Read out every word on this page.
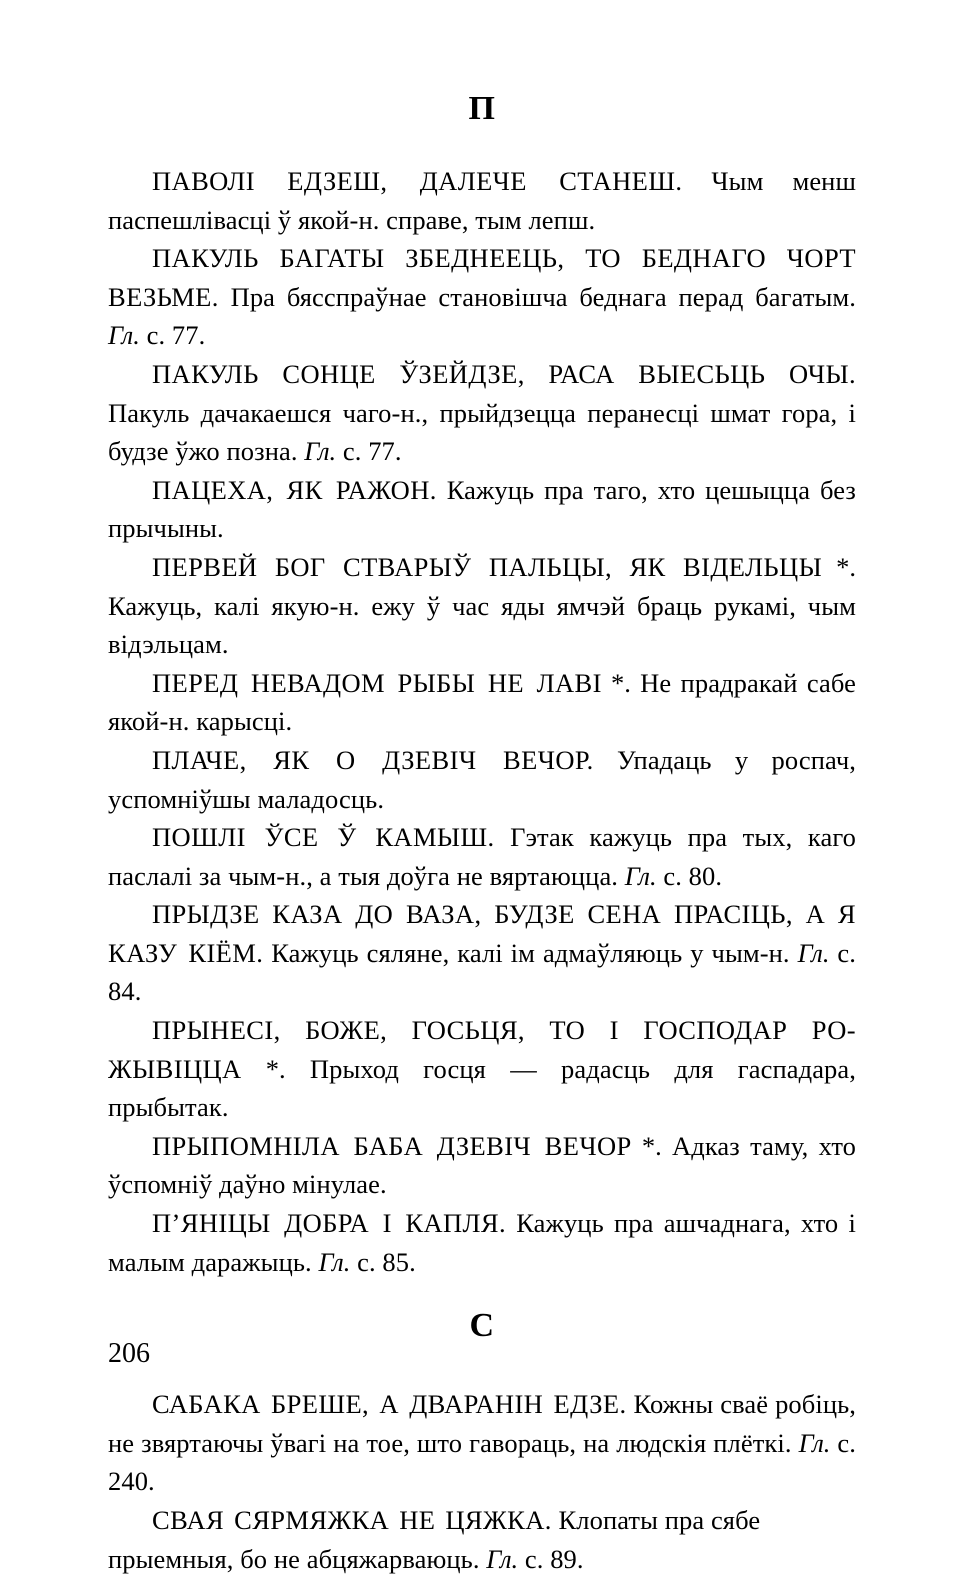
П

ПАВОЛІ ЕДЗЕШ, ДАЛЕЧЕ СТАНЕШ. Чым менш паспешлівасці ў якой-н. справе, тым лепш.

ПАКУЛЬ БАГАТЫ ЗБЕДНЕЕЦЬ, ТО БЕДНАГО ЧОРТ ВЕЗЬМЕ. Пра бясспраўнае становішча беднага перад багатым. Гл. с. 77.

ПАКУЛЬ СОНЦЕ ЎЗЕЙДЗЕ, РАСА ВЫЕСЬЦЬ ОЧЫ. Пакуль дачакаешся чаго-н., прыйдзецца перанесці шмат гора, і будзе ўжо позна. Гл. с. 77.

ПАЦЕХА, ЯК РАЖОН. Кажуць пра таго, хто цешыцца без прычыны.

ПЕРВЕЙ БОГ СТВАРЫЎ ПАЛЬЦЫ, ЯК ВІДЕЛЬЦЫ *. Кажуць, калі якую-н. ежу ў час яды ямчэй браць рукамі, чым відэльцам.

ПЕРЕД НЕВАДОМ РЫБЫ НЕ ЛАВІ *. Не прадракай сабе якой-н. карысці.

ПЛАЧЕ, ЯК О ДЗЕВІЧ ВЕЧОР. Упадаць у роспач, успомніўшы маладосць.

ПОШЛІ ЎСЕ Ў КАМЫШ. Гэтак кажуць пра тых, каго паслалі за чым-н., а тыя доўга не вяртаюцца. Гл. с. 80.

ПРЫДЗЕ КАЗА ДО ВАЗА, БУДЗЕ СЕНА ПРАСІЦЬ, А Я КАЗУ КІЁМ. Кажуць сяляне, калі ім адмаўляюць у чым-н. Гл. с. 84.

ПРЫНЕСІ, БОЖЕ, ГОСЬЦЯ, ТО І ГОСПОДАР РО-ЖЫВІЦЦА *. Прыход госця — радасць для гаспадара, прыбытак.

ПРЫПОМНІЛА БАБА ДЗЕВІЧ ВЕЧОР *. Адказ таму, хто ўспомніў даўно мінулае.

П’ЯНІЦЫ ДОБРА І КАПЛЯ. Кажуць пра ашчаднага, хто і малым даражыць. Гл. с. 85.

С

САБАКА БРЕШЕ, А ДВАРАНІН ЕДЗЕ. Кожны сваё робіць, не звяртаючы ўвагі на тое, што гавораць, на людскія плёткі. Гл. с. 240.

СВАЯ СЯРМЯЖКА НЕ ЦЯЖКА. Клопаты пра сябе прыемныя, бо не абцяжарваюць. Гл. с. 89.

206
